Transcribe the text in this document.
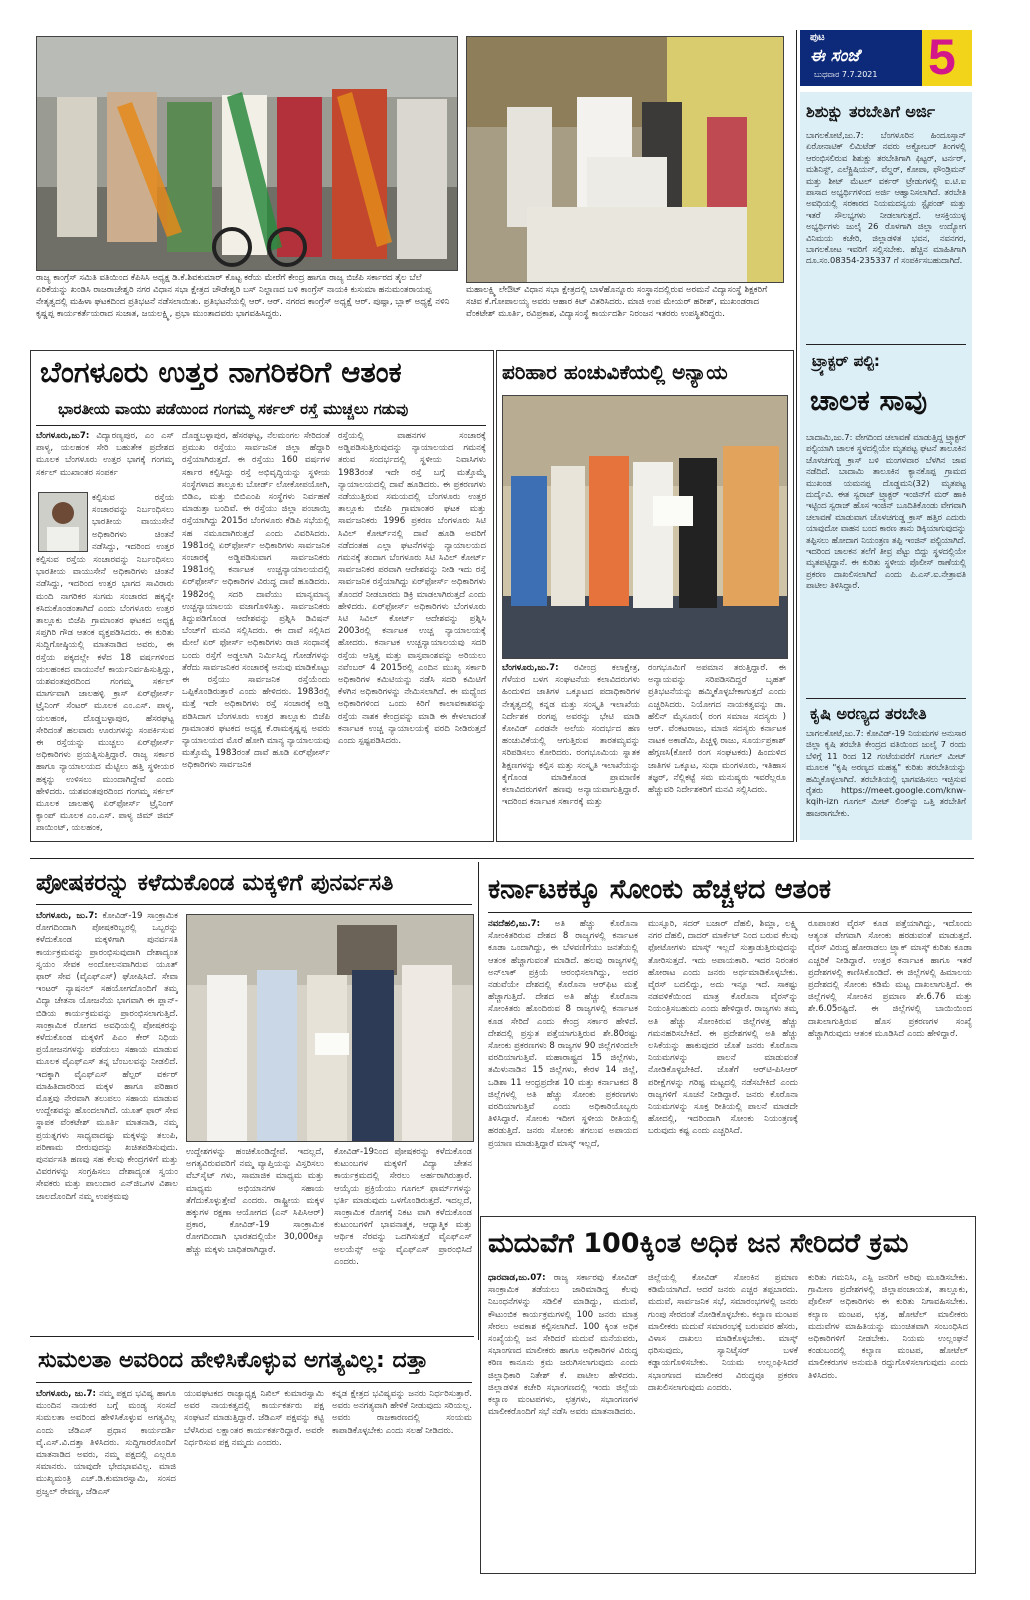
ರಾಜ್ಯ ಕಾಂಗ್ರೆಸ್ ಸಮಿತಿ ವತಿಯಿಂದ ಕೆಪಿಸಿಸಿ ಅಧ್ಯಕ್ಷ ಡಿ.ಕೆ.ಶಿವಕುಮಾರ್ ಕೊಟ್ಟ ಕರೆಯ ಮೇರೆಗೆ ಕೇಂದ್ರ ಹಾಗೂ ರಾಜ್ಯ ಬಿಜೆಪಿ ಸರ್ಕಾರದ ತೈಲ ಬೆಲೆ ಏರಿಕೆಯನ್ನು ಖಂಡಿಸಿ ರಾಜರಾಜೇಶ್ವರಿ ನಗರ ವಿಧಾನ ಸಭಾ ಕ್ಷೇತ್ರದ ಚೌಡೇಶ್ವರಿ ಬಸ್ ನಿಲ್ದಾಣದ ಬಳಿ ಕಾಂಗ್ರೆಸ್ ನಾಯಕಿ ಕುಸುಮಾ ಹನುಮಂತರಾಯಪ್ಪ ನೇತೃತ್ವದಲ್ಲಿ ಮಹಿಳಾ ಘಟಕದಿಂದ ಪ್ರತಿಭಟನೆ ನಡೆಸಲಾಯಿತು. ಪ್ರತಿಭಟನೆಯಲ್ಲಿ ಆರ್. ಆರ್. ನಗರದ ಕಾಂಗ್ರೆಸ್ ಅಧ್ಯಕ್ಷೆ ಆರ್. ಪುಷ್ಪಾ, ಬ್ಲಾಕ್ ಅಧ್ಯಕ್ಷೆ ನಳಿನಿ ಕೃಷ್ಣಪ್ಪ ಕಾರ್ಯಕರ್ತೆಯರಾದ ಸುಜಾತ, ಜಯಲಕ್ಷ್ಮಿ, ಪ್ರಭಾ ಮುಂತಾದವರು ಭಾಗವಹಿಸಿದ್ದರು.
ಮಹಾಲಕ್ಷ್ಮಿ ಲೇಔಟ್ ವಿಧಾನ ಸಭಾ ಕ್ಷೇತ್ರದಲ್ಲಿ ಬಾಳೆಹೊನ್ನೂರು ಸಂಸ್ಥಾನದಲ್ಲಿರುವ ಅರಮನೆ ವಿದ್ಯಾಸಂಸ್ಥೆ ಶಿಕ್ಷಕರಿಗೆ ಸಚಿವ ಕೆ.ಗೋಪಾಲಯ್ಯ ಅವರು ಆಹಾರ ಕಿಟ್ ವಿತರಿಸಿದರು. ಮಾಜಿ ಉಪ ಮೇಯರ್ ಹರೀಶ್, ಮುಖಂಡರಾದ ವೆಂಕಟೇಶ್ ಮೂರ್ತಿ, ರವಿಪ್ರಕಾಶ, ವಿದ್ಯಾಸಂಸ್ಥೆ ಕಾರ್ಯದರ್ಶಿ ನಿರಂಜನ ಇತರರು ಉಪಸ್ಥಿತರಿದ್ದರು.
ಪುಟ
ಈ ಸಂಜೆ
ಬುಧವಾರ 7.7.2021 5
ಶಿಶುಕ್ಷು ತರಬೇತಿಗೆ ಅರ್ಜಿ
ಬಾಗಲಕೋಟೆ,ಜು.7: ಬೆಂಗಳೂರಿನ ಹಿಂದೂಸ್ತಾನ್ ಏರೋನಾಟಿಕ್ ಲಿಮಿಟೆಡ್ ನವರು ಅಕ್ಟೋಬರ್ ತಿಂಗಳಲ್ಲಿ ಆರಂಭಿಸಲಿರುವ ಶಿಶುಕ್ಷು ತರಬೇತಿಗಾಗಿ ಫಿಟ್ಟರ್, ಟರ್ನರ್, ಮಶಿನಿಸ್ಟ್, ಎಲೆಕ್ಟ್ರಿಷಿಯನ್, ವೆಲ್ಡರ್, ಕೋಪಾ, ಫೌಂಡ್ರಿಮನ್ ಮತ್ತು ಶೀಟ್ ಮೆಟಲ್ ವರ್ಕರ್ ಟ್ರೇಡುಗಳಲ್ಲಿ ಐ.ಟಿ.ಐ ಪಾಸಾದ ಅಭ್ಯರ್ಥಿಗಳಿಂದ ಅರ್ಜಿ ಆಹ್ವಾನಿಸಲಾಗಿದೆ. ತರಬೇತಿ ಅವಧಿಯಲ್ಲಿ ಸರಕಾರದ ನಿಯಮದನ್ವಯ ಸ್ಟೈಪಂಡ್ ಮತ್ತು ಇತರೆ ಸೌಲಭ್ಯಗಳು ನೀಡಲಾಗುತ್ತದೆ. ಆಸಕ್ತಿಯುಳ್ಳ ಅಭ್ಯರ್ಥಿಗಳು ಜುಲೈ 26 ರೊಳಗಾಗಿ ಜಿಲ್ಲಾ ಉದ್ಯೋಗ ವಿನಿಮಯ ಕಚೇರಿ, ಜಿಲ್ಲಾಡಳಿತ ಭವನ, ನವನಗರ, ಬಾಗಲಕೋಟ ಇವರಿಗೆ ಸಲ್ಲಿಸಬೇಕು. ಹೆಚ್ಚಿನ ಮಾಹಿತಿಗಾಗಿ ದೂ.ಸಂ.08354-235337 ಗೆ ಸಂಪರ್ಕಿಸಬಹುದಾಗಿದೆ.
ಟ್ರ್ಯಾಕ್ಟರ್ ಪಲ್ಟಿ:
ಚಾಲಕ ಸಾವು
ಬಾದಾಮಿ,ಜು.7: ವೇಗದಿಂದ ಚಲಾವಣೆ ಮಾಡುತ್ತಿದ್ದ ಟ್ರ್ಯಾಕ್ಟರ್ ಪಲ್ಟಿಯಾಗಿ ಚಾಲಕ ಸ್ಥಳದಲ್ಲಿಯೇ ಮೃತಪಟ್ಟ ಘಟನೆ ತಾಲೂಕಿನ ಚೊಳಚಗುಡ್ಡ ಕ್ರಾಸ್ ಬಳಿ ಮಂಗಳವಾರ ಬೆಳಗಿನ ಜಾವ ನಡೆದಿದೆ. ಬಾದಾಮಿ ತಾಲೂಕಿನ ಕ್ಯಾನಕೊಪ್ಪ ಗ್ರಾಮದ ಮುಖಂಡ ಯಮನಪ್ಪ ದೊಡ್ಡಮನಿ(32) ಮೃತಪಟ್ಟ ದುರ್ದೈವಿ. ಈತ ಸ್ವರಾಜ್ ಟ್ರ್ಯಾಕ್ಟರ್ ಇಂಜಿನ್‍ಗೆ ಮರ್ ಹಾಕಿ ಇಟ್ಟಿಂದ ಸ್ವರಾಜ್ ಹೊಸ ಇಂಜಿನ್ ಬೂದಿತಿಕೊಂಡು ವೇಗವಾಗಿ ಚಲಾವಣೆ ಮಾಡುವಾಗ ಚೊಳಚಗುಡ್ಡ ಕ್ರಾಸ್ ಹತ್ತಿರ ಎದುರು ಯಾವುದೋ ವಾಹನ ಬಂದ ಕಾರಣ ತಾನು ಡಿಕ್ಕಿಯಾಗುವುದನ್ನು ತಪ್ಪಿಸಲು ಹೋದಾಗ ನಿಯಂತ್ರಣ ತಪ್ಪಿ ಇಂಜಿನ್ ಪಲ್ಟಿಯಾಗಿದೆ. ಇದರಿಂದ ಚಾಲಕನ ತಲೆಗೆ ತೀವ್ರ ಪೆಟ್ಟು ಬಿದ್ದು ಸ್ಥಳದಲ್ಲಿಯೇ ಮೃತಪಟ್ಟಿದ್ದಾನೆ. ಈ ಕುರಿತು ಸ್ಥಳೀಯ ಪೊಲೀಸ್ ಠಾಣೆಯಲ್ಲಿ ಪ್ರಕರಣ ದಾಖಲಿಸಲಾಗಿದೆ ಎಂದು ಪಿ.ಎಸ್.ಐ.ನೇತ್ರಾವತಿ ಪಾಟೀಲ ತಿಳಿಸಿದ್ದಾರೆ.
ಕೃಷಿ ಅರಣ್ಯದ ತರಬೇತಿ
ಬಾಗಲಕೋಟೆ,ಜು.7: ಕೋವಿಡ್-19 ನಿಯಮಗಳ ಅನುಸಾರ ಜಿಲ್ಲಾ ಕೃಷಿ ತರಬೇತಿ ಕೇಂದ್ರದ ವತಿಯಿಂದ ಜುಲೈ 7 ರಂದು ಬೆಳಿಗ್ಗೆ 11 ರಿಂದ 12 ಗಂಟೆಯವರೆಗೆ ಗೂಗಲ್ ಮೀಟ್ ಮೂಲಕ "ಕೃಷಿ ಅರಣ್ಯದ ಮಹತ್ವ" ಕುರಿತು ತರಬೇತಿಯನ್ನು ಹಮ್ಮಿಕೊಳ್ಳಲಾಗಿದೆ. ತರಬೇತಿಯಲ್ಲಿ ಭಾಗವಹಿಸಲು ಇಚ್ಛಿಸುವ ರೈತರು https://meet.google.com/knw-kqih-izn ಗೂಗಲ್ ಮೀಟ್ ಲಿಂಕ್‍ನ್ನು ಒತ್ತಿ ತರಬೇತಿಗೆ ಹಾಜರಾಗಬೇಕು.
ಬೆಂಗಳೂರು ಉತ್ತರ ನಾಗರಿಕರಿಗೆ ಆತಂಕ
ಭಾರತೀಯ ವಾಯು ಪಡೆಯಿಂದ ಗಂಗಮ್ಮ ಸರ್ಕಲ್ ರಸ್ತೆ ಮುಚ್ಚಲು ಗಡುವು
ಬೆಂಗಳೂರು,ಜು7: ವಿದ್ಯಾರಣ್ಯಪುರ, ಎಂ ಎಸ್ ಪಾಳ್ಯ, ಯಲಹಂಕ ಸೇರಿ ಬಹುತೇಕ ಪ್ರದೇಶದ ಮೂಲಕ ಬೆಂಗಳೂರು ಉತ್ತರ ಭಾಗಕ್ಕೆ ಗಂಗಮ್ಮ ಸರ್ಕಲ್ ಮುಖಾಂತರ ಸಂಪರ್ಕ
ಕಲ್ಪಿಸುವ ರಸ್ತೆಯ ಸಂಚಾರವನ್ನು ನಿರ್ಬಂಧಿಸಲು ಭಾರತೀಯ ವಾಯುಸೇನೆ ಅಧಿಕಾರಿಗಳು ಚಿಂತನೆ ನಡೆಸಿದ್ದು, ಇದರಿಂದ ಉತ್ತರ
ಕಲ್ಪಿಸುವ ರಸ್ತೆಯ ಸಂಚಾರವನ್ನು ನಿರ್ಬಂಧಿಸಲು ಭಾರತೀಯ ವಾಯುಸೇನೆ ಅಧಿಕಾರಿಗಳು ಚಿಂತನೆ ನಡೆಸಿದ್ದು, ಇದರಿಂದ ಉತ್ತರ ಭಾಗದ ಸಾವಿರಾರು ಮಂದಿ ನಾಗರಿಕರ ಸುಗಮ ಸಂಚಾರದ ಹಕ್ಕನ್ನೇ ಕಸಿದುಕೊಂಡಂತಾಗಿದೆ ಎಂದು ಬೆಂಗಳೂರು ಉತ್ತರ ತಾಲ್ಲೂಕು ಬಿಜೆಪಿ ಗ್ರಾಮಾಂತರ ಘಟಕದ ಅಧ್ಯಕ್ಷ ಸಪ್ತಗಿರಿ ಗೌಡ ಆತಂಕ ವ್ಯಕ್ತಪಡಿಸಿದರು. ಈ ಕುರಿತು ಸುದ್ದಿಗೋಷ್ಠಿಯಲ್ಲಿ ಮಾತನಾಡಿದ ಅವರು, ಈ ರಸ್ತೆಯ ಪಕ್ಕದಲ್ಲೇ ಕಳೆದ 18 ವರ್ಷಗಳಿಂದ ಯಲಹಂಕದ ವಾಯುನೆಲೆ ಕಾರ್ಯನಿರ್ವಹಿಸುತ್ತಿದ್ದು, ಯಶವಂತಪುರದಿಂದ ಗಂಗಮ್ಮ ಸರ್ಕಲ್ ಮಾರ್ಗವಾಗಿ ಜಾಲಹಳ್ಳಿ ಕ್ರಾಸ್ ಏರ್‌ಫೋರ್ಸ್ ಟ್ರೈನಿಂಗ್ ಸೆಂಟರ್ ಮೂಲಕ ಎಂ.ಎಸ್. ಪಾಳ್ಯ, ಯಲಹಂಕ, ದೊಡ್ಡಬಳ್ಳಾಪುರ, ಹೆಸರಘಟ್ಟ ಸೇರಿದಂತೆ ಹಲವಾರು ಊರುಗಳನ್ನು ಸಂಪರ್ಕಿಸುವ ಈ ರಸ್ತೆಯನ್ನು ಮುಚ್ಚಲು ಏರ್‌ಫೋರ್ಸ್ ಅಧಿಕಾರಿಗಳು ಪ್ರಯತ್ನಿಸುತ್ತಿದ್ದಾರೆ. ರಾಜ್ಯ ಸರ್ಕಾರ ಹಾಗೂ ನ್ಯಾಯಾಲಯದ ಮೆಟ್ಟಿಲು ಹತ್ತಿ ಸ್ಥಳೀಯರ ಹಕ್ಕನ್ನು ಉಳಿಸಲು ಮುಂದಾಗಿದ್ದೇವೆ ಎಂದು ಹೇಳಿದರು. ಯಶವಂತಪುರದಿಂದ ಗಂಗಮ್ಮ ಸರ್ಕಲ್ ಮೂಲಕ ಜಾಲಹಳ್ಳಿ ಏರ್‌ಫೋರ್ಸ್ ಟ್ರೈನಿಂಗ್ ಕ್ಯಾಂಪ್ ಮೂಲಕ ಎಂ.ಎಸ್. ಪಾಳ್ಯ ಜಿಮ್ ಜಿಮ್ ಪಾಯಿಂಟ್, ಯಲಹಂಕ,
ದೊಡ್ಡಬಳ್ಳಾಪುರ, ಹೆಸರಘಟ್ಟ, ನೆಲಮಂಗಲ ಸೇರಿದಂತೆ ಪ್ರಮುಖ ರಸ್ತೆಯು ಸಾರ್ವಜನಿಕ ಜಿಲ್ಲಾ ಹೆದ್ದಾರಿ ರಸ್ತೆಯಾಗಿರುತ್ತದೆ. ಈ ರಸ್ತೆಯು 160 ವರ್ಷಗಳ ಸರ್ಕಾರ ಕಲ್ಪಿಸಿದ್ದು ರಸ್ತೆ ಅಭಿವೃದ್ಧಿಯನ್ನು ಸ್ಥಳೀಯ ಸಂಸ್ಥೆಗಳಾದ ತಾಲ್ಲೂಕು ಬೋರ್ಡ್ ಲೋಕೋಪಯೋಗಿ, ಬಿಡಿಎ, ಮತ್ತು ಬಿಬಿಎಂಪಿ ಸಂಸ್ಥೆಗಳು ನಿರ್ವಹಣೆ ಮಾಡುತ್ತಾ ಬಂದಿವೆ. ಈ ರಸ್ತೆಯು ಜಿಲ್ಲಾ ಪಂಚಾಯ್ತಿ ರಸ್ತೆಯಾಗಿದ್ದು 2015ರ ಬೆಂಗಳೂರು ಕೆಡಿಪಿ ಸಭೆಯಲ್ಲಿ ಸಹ ನಮೂದಾಗಿರುತ್ತದೆ ಎಂದು ವಿವರಿಸಿದರು. 1981ರಲ್ಲಿ ಏರ್‌ಫೋರ್ಸ್ ಅಧಿಕಾರಿಗಳು ಸಾರ್ವಜನಿಕ ಸಂಚಾರಕ್ಕೆ ಅಡ್ಡಿಪಡಿಸುವಾಗ ಸಾರ್ವಜನಿಕರು 1981ರಲ್ಲಿ ಕರ್ನಾಟಕ ಉಚ್ಚನ್ಯಾಯಾಲಯದಲ್ಲಿ ಏರ್‌ಫೋರ್ಸ್ ಅಧಿಕಾರಿಗಳ ವಿರುದ್ಧ ದಾವೆ ಹೂಡಿದರು. 1982ರಲ್ಲಿ ಸದರಿ ದಾವೆಯು ಮಾನ್ಯಮಾನ್ಯ ಉಚ್ಚನ್ಯಾಯಾಲಯ ವಜಾಗೊಳಿಸಿತ್ತು. ಸಾರ್ವಜನಿಕರು ತಿದ್ದುಪಡಿಗೊಂಡ ಆದೇಶವನ್ನು ಪ್ರಶ್ನಿಸಿ ಡಿವಿಷನ್ ಬೆಂಚ್‌ಗೆ ಮನವಿ ಸಲ್ಲಿಸಿದರು. ಈ ದಾವೆ ಸಲ್ಲಿಸಿದ ಮೇಲೆ ಏರ್ ಫೋರ್ಸ್ ಅಧಿಕಾರಿಗಳು ರಾಜಿ ಸಂಧಾನಕ್ಕೆ ಬಂದು ರಸ್ತೆಗೆ ಅಡ್ಡಲಾಗಿ ನಿರ್ಮಿಸಿದ್ದ ಗೋಡೆಗಳನ್ನು ತೆರೆದು ಸಾರ್ವಜನಿಕರ ಸಂಚಾರಕ್ಕೆ ಅನುವು ಮಾಡಿಕೊಟ್ಟು ಈ ರಸ್ತೆಯು ಸಾರ್ವಜನಿಕ ರಸ್ತೆಯೆಂದು ಒಪ್ಪಿಕೊಂಡಿರುತ್ತಾರೆ ಎಂದು ಹೇಳಿದರು. 1983ರಲ್ಲಿ ಮತ್ತೆ ಇದೇ ಅಧಿಕಾರಿಗಳು ರಸ್ತೆ ಸಂಚಾರಕ್ಕೆ ಅಡ್ಡಿ ಪಡಿಸಿದಾಗ ಬೆಂಗಳೂರು ಉತ್ತರ ತಾಲ್ಲೂಕು ಬಿಜೆಪಿ ಗ್ರಾಮಾಂತರ ಘಟಕದ ಅಧ್ಯಕ್ಷ ಕೆ.ರಾಮಕೃಷ್ಣಪ್ಪ ಅವರು ನ್ಯಾಯಾಲಯದ ಮೊರೆ ಹೋಗಿ ಮಾನ್ಯ ನ್ಯಾಯಾಲಯವು ಮತ್ತೊಮ್ಮೆ 1983ರಂತೆ ದಾವೆ ಹೂಡಿ ಏರ್‌ಫೋರ್ಸ್ ಅಧಿಕಾರಿಗಳು ಸಾರ್ವಜನಿಕ
ರಸ್ತೆಯಲ್ಲಿ ವಾಹನಗಳ ಸಂಚಾರಕ್ಕೆ ಅಡ್ಡಿಪಡಿಸುತ್ತಿರುವುದನ್ನು ನ್ಯಾಯಾಲಯದ ಗಮನಕ್ಕೆ ತರುವ ಸಂದರ್ಭದಲ್ಲಿ ಸ್ಥಳೀಯ ನಿವಾಸಿಗಳು 1983ರಂತೆ ಇದೇ ರಸ್ತೆ ಬಗ್ಗೆ ಮತ್ತೊಮ್ಮೆ ನ್ಯಾಯಾಲಯದಲ್ಲಿ ದಾವೆ ಹೂಡಿದರು. ಈ ಪ್ರಕರಣಗಳು ನಡೆಯುತ್ತಿರುವ ಸಮಯದಲ್ಲಿ ಬೆಂಗಳೂರು ಉತ್ತರ ತಾಲ್ಲೂಕು ಬಿಜೆಪಿ ಗ್ರಾಮಾಂತರ ಘಟಕ ಮತ್ತು ಸಾರ್ವಜನಿಕರು 1996 ಪ್ರಕರಣ ಬೆಂಗಳೂರು ಸಿಟಿ ಸಿವಿಲ್ ಕೋರ್ಟ್‌ನಲ್ಲಿ ದಾವೆ ಹೂಡಿ ಅವರಿಗೆ ನಡೆದಂತಹ ಎಲ್ಲಾ ಘಟನೆಗಳನ್ನು ನ್ಯಾಯಾಲಯದ ಗಮನಕ್ಕೆ ತಂದಾಗ ಬೆಂಗಳೂರು ಸಿಟಿ ಸಿವಿಲ್ ಕೋರ್ಟ್ ಸಾರ್ವಜನಿಕರ ಪರವಾಗಿ ಆದೇಶವನ್ನು ನೀಡಿ ಇದು ರಸ್ತೆ ಸಾರ್ವಜನಿಕ ರಸ್ತೆಯಾಗಿದ್ದು ಏರ್‌ಫೋರ್ಸ್ ಅಧಿಕಾರಿಗಳು ತೊಂದರೆ ನೀಡಬಾರದು ಡಿಕ್ರಿ ಮಾಡಲಾಗಿರುತ್ತದೆ ಎಂದು ಹೇಳಿದರು. ಏರ್‌ಫೋರ್ಸ್ ಅಧಿಕಾರಿಗಳು ಬೆಂಗಳೂರು ಸಿಟಿ ಸಿವಿಲ್ ಕೋರ್ಟ್ ಆದೇಶವನ್ನು ಪ್ರಶ್ನಿಸಿ 2003ರಲ್ಲಿ ಕರ್ನಾಟಕ ಉಚ್ಚ ನ್ಯಾಯಾಲಯಕ್ಕೆ ಹೋದರು. ಕರ್ನಾಟಕ ಉಚ್ಚನ್ಯಾಯಾಲಯವು ಸದರಿ ರಸ್ತೆಯ ಆಸ್ತಿತ್ವ ಮತ್ತು ವಾಸ್ತವಾಂಶವನ್ನು ಅರಿಯಲು ನವೆಂಬರ್ 4 2015ರಲ್ಲಿ ಎಂದಿನ ಮುಖ್ಯ ಸರ್ಕಾರಿ ಅಧಿಕಾರಿಗಳ ಕಮಿಟಿಯನ್ನು ನಡೆಸಿ ಸದರಿ ಕಮಿಟಿಗೆ ಕೆಳಗಿನ ಅಧಿಕಾರಿಗಳನ್ನು ನೇಮಿಸಲಾಗಿದೆ. ಈ ಮಧ್ಯೆಂದ ಅಧಿಕಾರಿಗಳಿಂದ ಒಂದು ಕಿರಿಗೆ ಕಾಲಾವಕಾಶವನ್ನು ರಸ್ತೆಯ ನಾಶಕ ಕೇಂದ್ರವನ್ನು ಮಾಡಿ ಈ ಕೇಳಲಾದಂತೆ ಕರ್ನಾಟಕ ಉಚ್ಚ ನ್ಯಾಯಾಲಯಕ್ಕೆ ವರದಿ ನೀಡಿರುತ್ತದೆ ಎಂದು ಸ್ಪಷ್ಟಪಡಿಸಿದರು.
ಪರಿಹಾರ ಹಂಚುವಿಕೆಯಲ್ಲಿ ಅನ್ಯಾಯ
ಬೆಂಗಳೂರು,ಜು.7: ರವೀಂದ್ರ ಕಲಾಕ್ಷೇತ್ರ, ಗೆಳೆಯರ ಬಳಗ ಸಂಘಟನೆಯ ಕಲಾವಿದರುಗಳು ಹಿಂದುಳಿದ ಜಾತಿಗಳ ಒಕ್ಕೂಟದ ಪದಾಧಿಕಾರಿಗಳ ನೇತೃತ್ವದಲ್ಲಿ ಕನ್ನಡ ಮತ್ತು ಸಂಸ್ಕೃತಿ ಇಲಾಖೆಯ ನಿರ್ದೇಶಕ ರಂಗಪ್ಪ ಅವರನ್ನು ಭೇಟಿ ಮಾಡಿ ಕೋವಿಡ್ ಎರಡನೇ ಅಲೆಯ ಸಂದರ್ಭದ ಹಣ ಹಂಚುವಿಕೆಯಲ್ಲಿ ಆಗುತ್ತಿರುವ ತಾರತಮ್ಯವನ್ನು ಸರಿಪಡಿಸಲು ಕೋರಿದರು. ರಂಗಭೂಮಿಯ ಸ್ನಾತಕ ಶಿಕ್ಷಣಗಳನ್ನು ಕಲ್ಪಿಸ ಮತ್ತು ಸಂಸ್ಕೃತಿ ಇಲಾಖೆಯನ್ನು ಕೈಗೊಂಡ ಮಾಡಿಕೊಂಡ ಪ್ರಾಮಾಣಿಕ ಕಲಾವಿದರುಗಳಿಗೆ ಹಣವು ಅನ್ಯಾಯವಾಗುತ್ತಿದ್ದಾರೆ. ಇದರಿಂದ ಕರ್ನಾಟಕ ಸರ್ಕಾರಕ್ಕೆ ಮತ್ತು
ರಂಗಭೂಮಿಗೆ ಅಪಮಾನ ತರುತ್ತಿದ್ದಾರೆ. ಈ ಅನ್ಯಾಯವನ್ನು ಸರಿಪಡಿಸದಿದ್ದರೆ ಬೃಹತ್ ಪ್ರತಿಭಟನೆಯನ್ನು ಹಮ್ಮಿಕೊಳ್ಳಬೇಕಾಗುತ್ತದೆ ಎಂದು ಎಚ್ಚರಿಸಿದರು. ನಿಯೋಗದ ನಾಯಕತ್ವವನ್ನು ಡಾ. ಹೆಲಿನ್ ಮೈಸೂರು( ರಂಗ ಸಮಾಜ ಸದಸ್ಯರು ) ಆರ್. ವೆಂಕಟರಾಜು, ಮಾಜಿ ಸದಸ್ಯರು ಕರ್ನಾಟಕ ನಾಟಕ ಅಕಾಡೆಮಿ, ಪಿಚ್ಚಳ್ಳಿ ರಾಜು, ಸೂರ್ಯಪ್ರಕಾಶ್ ಹೆಗ್ಗಣಸಿ(ಕೋಣಿ ರಂಗ ಸಂಘಟಕರು) ಹಿಂದುಳಿದ ಜಾತಿಗಳ ಒಕ್ಕೂಟ, ಸುಧಾ ಮಂಗಳೂರು, ಇತಿಹಾಸ ತಜ್ಞರ್, ನೆಲ್ಲಿಕಟ್ಟೆ ಸಮ ಮನುಷ್ಯರು ಇವರೆಲ್ಲರೂ ಹೆಚ್ಚುವರಿ ನಿರ್ದೇಶಕರಿಗೆ ಮನವಿ ಸಲ್ಲಿಸಿದರು.
ಪೋಷಕರನ್ನು ಕಳೆದುಕೊಂಡ ಮಕ್ಕಳಿಗೆ ಪುನರ್ವಸತಿ
ಬೆಂಗಳೂರು, ಜು.7: ಕೋವಿಡ್-19 ಸಾಂಕ್ರಾಮಿಕ ರೋಗದಿಂದಾಗಿ ಪೋಷಕರಿಬ್ಬರಲ್ಲಿ ಒಬ್ಬರನ್ನು ಕಳೆದುಕೊಂಡ ಮಕ್ಕಳಿಗಾಗಿ ಪುನರ್ವಸತಿ ಕಾರ್ಯಕ್ರಮವನ್ನು ಪ್ರಾರಂಭಿಸುವುದಾಗಿ ದೇಶಾದ್ಯಂತ ಸ್ವಯಂ ಸೇವಕ ಅಂದೋಲನವಾಗಿರುವ ಯೂತ್ ಫಾರ್ ಸೇವ (ವೈಎಫ್‌ಎಸ್) ಘೋಷಿಸಿದೆ. ಸೇವಾ ಇಂಟರ್ ನ್ಯಾಷನಲ್ ಸಹಯೋಗದೊಂದಿಗೆ ತಮ್ಮ ವಿದ್ಯಾ ಚೇತನಾ ಯೋಜನೆಯ ಭಾಗವಾಗಿ ಈ ಪ್ಲಾನ್-ಬಿಡಿಯ ಕಾರ್ಯಕ್ರಮವನ್ನು ಪ್ರಾರಂಭಿಸಲಾಗುತ್ತಿದೆ. ಸಾಂಕ್ರಾಮಿಕ ರೋಗದ ಅವಧಿಯಲ್ಲಿ ಪೋಷಕರನ್ನು ಕಳೆದುಕೊಂಡ ಮಕ್ಕಳಿಗೆ ಪಿಎಂ ಕೇರ್ ನಿಧಿಯ ಪ್ರಯೋಜನಗಳನ್ನು ಪಡೆಯಲು ಸಹಾಯ ಮಾಡುವ ಮೂಲಕ ವೈಎಫ್ಎಸ್ ತನ್ನ ಬೆಂಬಲವನ್ನು ನೀಡಲಿದೆ. ಇದಕ್ಕಾಗಿ ವೈಎಫ್‌ಎಸ್ ಹೆಲ್ಪರ್ ವರ್ಕರ್ ಮಾಹಿತಿದಾರರಿಂದ ಮಕ್ಕಳ ಹಾಗೂ ಪರಿಹಾರ ಮೊತ್ತವು ನೇರವಾಗಿ ತಲುಪಲು ಸಹಾಯ ಮಾಡುವ ಉದ್ದೇಶವನ್ನು ಹೊಂದಲಾಗಿದೆ. ಯೂತ್ ಫಾರ್ ಸೇವ ಸ್ಥಾಪಕ ವೆಂಕಟೇಶ್ ಮೂರ್ತಿ ಮಾತನಾಡಿ, ನಮ್ಮ ಪ್ರಯತ್ನಗಳು ಸಾಧ್ಯವಾದಷ್ಟು ಮಕ್ಕಳನ್ನು ತಲುಪಿ, ಪರಿಣಾಮ ಬೀರುವುದನ್ನು ಖಚಿತಪಡಿಸುವುದು. ಪುನರ್ವಸತಿ ಹಣವು ಸಹ ಕೆಲವು ಕೇಂದ್ರಗಳಿಗೆ ಮತ್ತು ವಿವರಗಳನ್ನು ಸಂಗ್ರಹಿಸಲು ದೇಶಾದ್ಯಂತ ಸ್ವಯಂ ಸೇವಕರು ಮತ್ತು ಪಾಲುದಾರ ಎನ್‌ಜಿಒಗಳ ವಿಶಾಲ ಜಾಲದೊಂದಿಗೆ ನಮ್ಮ ಉಪಕ್ರಮವು
ಉದ್ದೇಶಗಳನ್ನು ಹಂಚಿಕೊಂಡಿದ್ದೇವೆ. ಇದಲ್ಲದೆ, ಅಗತ್ಯವಿರುವವರಿಗೆ ನಮ್ಮ ವ್ಯಾಪ್ತಿಯನ್ನು ವಿಸ್ತರಿಸಲು ವೆಬ್‌ಸೈಟ್ ಗಳು, ಸಾಮಾಜಿಕ ಮಾಧ್ಯಮ ಮತ್ತು ಮಾಧ್ಯಮ ಅಭಿಯಾನಗಳ ಸಹಾಯ ತೆಗೆದುಕೊಳ್ಳುತ್ತೇವೆ ಎಂದರು. ರಾಷ್ಟ್ರೀಯ ಮಕ್ಕಳ ಹಕ್ಕುಗಳ ರಕ್ಷಣಾ ಆಯೋಗದ (ಎನ್ ಸಿಪಿಸಿಆರ್) ಪ್ರಕಾರ, ಕೋವಿಡ್-19 ಸಾಂಕ್ರಾಮಿಕ ರೋಗದಿಂದಾಗಿ ಭಾರತದಲ್ಲಿಯೇ 30,000ಕ್ಕೂ ಹೆಚ್ಚು ಮಕ್ಕಳು ಬಾಧಿತರಾಗಿದ್ದಾರೆ.
ಕೋವಿಡ್-19ನಿಂದ ಪೋಷಕರನ್ನು ಕಳೆದುಕೊಂಡ ಕುಟುಂಬಗಳ ಮಕ್ಕಳಿಗೆ ವಿದ್ಯಾ ಚೇತನ ಕಾರ್ಯಕ್ರಮದಲ್ಲಿ ಸೇರಲು ಅರ್ಹರಾಗಿರುತ್ತಾರೆ. ಆಯ್ಕೆಯ ಪ್ರಕ್ರಿಯೆಯು ಗೂಗಲ್ ಫಾರ್ಮ್‌ಗಳನ್ನು ಭರ್ತಿ ಮಾಡುವುದು ಒಳಗೊಂಡಿರುತ್ತದೆ. ಇದಲ್ಲದೆ, ಸಾಂಕ್ರಾಮಿಕ ರೋಗಕ್ಕೆ ನಿಕಟ ವಾಗಿ ಕಳೆದುಕೊಂಡ ಕುಟುಂಬಗಳಿಗೆ ಭಾವನಾತ್ಮಕ, ಆಧ್ಯಾತ್ಮಿಕ ಮತ್ತು ಆರ್ಥಿಕ ನೆರವನ್ನು ಒದಗಿಸುತ್ತದೆ ವೈಎಫ್ಎಸ್ ಅಲಯೆನ್ಸ್ ಅನ್ನು ವೈಎಫ್ಎಸ್ ಪ್ರಾರಂಭಿಸಿದೆ ಎಂದರು.
ಕರ್ನಾಟಕಕ್ಕೂ ಸೋಂಕು ಹೆಚ್ಚಳದ ಆತಂಕ
ನವದೆಹಲಿ,ಜು.7: ಅತಿ ಹೆಚ್ಚು ಕೊರೊನಾ ಸೋಂಕಿತರಿರುವ ದೇಶದ 8 ರಾಜ್ಯಗಳಲ್ಲಿ ಕರ್ನಾಟಕ ಕೂಡಾ ಒಂದಾಗಿದ್ದು, ಈ ಬೆಳವಣಿಗೆಯು ಜನತೆಯಲ್ಲಿ ಆತಂಕ ಹೆಚ್ಚಾಗುವಂತೆ ಮಾಡಿದೆ. ಹಲವು ರಾಜ್ಯಗಳಲ್ಲಿ ಅನ್‌ಲಾಕ್ ಪ್ರಕ್ರಿಯೆ ಆರಂಭಿಸಲಾಗಿದ್ದು, ಅದರ ನಡುವೆಯೇ ದೇಶದಲ್ಲಿ ಕೊರೊನಾ ಆರ್‌ಫಿಟ ಮತ್ತೆ ಹೆಚ್ಚಾಗುತ್ತಿದೆ. ದೇಶದ ಅತಿ ಹೆಚ್ಚು ಕೊರೊನಾ ಸೋಂಕಿತರು ಹೊಂದಿರುವ 8 ರಾಜ್ಯಗಳಲ್ಲಿ ಕರ್ನಾಟಕ ಕೂಡ ಸೇರಿದೆ ಎಂದು ಕೇಂದ್ರ ಸರ್ಕಾರ ಹೇಳಿದೆ. ದೇಶದಲ್ಲಿ ಪ್ರಸ್ತುತ ಪತ್ತೆಯಾಗುತ್ತಿರುವ ಶೇ.80ರಷ್ಟು ಸೋಂಕು ಪ್ರಕರಣಗಳು 8 ರಾಜ್ಯಗಳ 90 ಜಿಲ್ಲೆಗಳಿಂದಲೇ ವರದಿಯಾಗುತ್ತಿವೆ. ಮಹಾರಾಷ್ಟ್ರದ 15 ಜಿಲ್ಲೆಗಳು, ತಮಿಳುನಾಡಿನ 15 ಜಿಲ್ಲೆಗಳು, ಕೇರಳ 14 ಜಿಲ್ಲೆ, ಒಡಿಶಾ 11 ಆಂಧ್ರಪ್ರದೇಶ 10 ಮತ್ತು ಕರ್ನಾಟಕದ 8 ಜಿಲ್ಲೆಗಳಲ್ಲಿ ಅತಿ ಹೆಚ್ಚು ಸೋಂಕು ಪ್ರಕರಣಗಳು ವರದಿಯಾಗುತ್ತಿವೆ ಎಂದು ಅಧಿಕಾರಿಯೊಬ್ಬರು ತಿಳಿಸಿದ್ದಾರೆ. ಸೋಂಕು ಇದೀಗ ಸ್ಥಳೀಯ ರೀತಿಯಲ್ಲಿ ಹರಡುತ್ತಿದೆ. ಜನರು ಸೋಂಕು ತಗಲುವ ಅಪಾಯದ ಪ್ರಯಾಣ ಮಾಡುತ್ತಿದ್ದಾರೆ ಮಾಸ್ಕ್ ಇಲ್ಲದೆ,
ಮುಸ್ಸೂರಿ, ಸದರ್ ಬಜಾರ್ ದೆಹಲಿ, ಶಿಮ್ಲಾ, ಲಕ್ಷ್ಮಿ ನಗರ ದೆಹಲಿ, ದಾದರ್ ಮಾರ್ಕೆಟ್ ನಿಂದ ಬರುವ ಕೆಲವು ಫೋಟೋಗಳು ಮಾಸ್ಕ್ ಇಲ್ಲದೆ ಸುತ್ತಾಡುತ್ತಿರುವುದನ್ನು ತೋರಿಸುತ್ತದೆ. ಇದು ಅಪಾಯಕಾರಿ. ಇದರ ನಿರಂತರ ಹೋರಾಟ ಎಂದು ಜನರು ಅರ್ಥಮಾಡಿಕೊಳ್ಳಬೇಕು. ವೈರಸ್ ಬದಲಿದ್ದು, ಅದು ಇನ್ನೂ ಇದೆ. ಸಾಕಷ್ಟು ನಡವಳಿಕೆಯಿಂದ ಮಾತ್ರ ಕೊರೊನಾ ವೈರಸ್‌ನ್ನು ನಿಯಂತ್ರಿಸಬಹುದು ಎಂದು ಹೇಳಿದ್ದಾರೆ. ರಾಜ್ಯಗಳು ತಮ್ಮ ಅತಿ ಹೆಚ್ಚು ಸೋಂಕಿರುವ ಜಿಲ್ಲೆಗಳತ್ತ ಹೆಚ್ಚು ಗಮನಹರಿಸಬೇಕಿದೆ. ಈ ಪ್ರದೇಶಗಳಲ್ಲಿ ಅತಿ ಹೆಚ್ಚು ಲಸಿಕೆಯನ್ನು ಹಾಕುವುದರ ಜೊತೆ ಜನರು ಕೊರೊನಾ ನಿಯಮಗಳನ್ನು ಪಾಲನೆ ಮಾಡುವಂತೆ ನೋಡಿಕೊಳ್ಳಬೇಕಿದೆ. ಜೊತೆಗೆ ಆರ್‌ಟಿ-ಪಿಸಿಆರ್ ಪರೀಕ್ಷೆಗಳನ್ನು ಗರಿಷ್ಟ ಮಟ್ಟದಲ್ಲಿ ನಡೆಸಬೇಕಿದೆ ಎಂದು ರಾಜ್ಯಗಳಿಗೆ ಸೂಚನೆ ನೀಡಿದ್ದಾರೆ. ಜನರು ಕೊರೊನಾ ನಿಯಮಗಳನ್ನು ಸೂಕ್ತ ರೀತಿಯಲ್ಲಿ ಪಾಲನೆ ಮಾಡದೇ ಹೋದಲ್ಲಿ, ಇದರಿಂದಾಗಿ ಸೋಂಕು ನಿಯಂತ್ರಣಕ್ಕೆ ಬರುವುದು ಕಷ್ಟ ಎಂದು ಎಚ್ಚರಿಸಿದೆ.
ರೂಪಾಂತರ ವೈರಸ್ ಕೂಡ ಪತ್ತೆಯಾಗಿದ್ದು, ಇದೊಂದು ಆತ್ಯಂತ ವೇಗವಾಗಿ ಸೋಂಕು ಹರಡುವಂತೆ ಮಾಡುತ್ತದೆ. ವೈರಸ್ ವಿರುದ್ಧ ಹೋರಾಡಲು ಟ್ರ್ಯಾಕ್ ಮಾಸ್ಕ್ ಕುರಿತು ಕೂಡಾ ಎಚ್ಚರಿಕೆ ನೀಡಿದ್ದಾರೆ. ಉತ್ತರ ಕರ್ನಾಟಕ ಹಾಗೂ ಇತರೆ ಪ್ರದೇಶಗಳಲ್ಲಿ ಕಾಣಿಸಿಕೊಂಡಿದೆ. ಈ ಜಿಲ್ಲೆಗಳಲ್ಲಿ ಹಿಮಾಲಯ ಪ್ರದೇಶದಲ್ಲಿ ಸೋಂಕು ಕಡಿಮೆ ಮಟ್ಟ ದಾಖಲಾಗುತ್ತಿದೆ. ಈ ಜಿಲ್ಲೆಗಳಲ್ಲಿ ಸೋಂಕಿನ ಪ್ರಮಾಣ ಶೇ.6.76 ಮತ್ತು ಶೇ.6.05ರಷ್ಟಿದೆ. ಈ ಜಿಲ್ಲೆಗಳಲ್ಲಿ ಬಾಯಿಯಿಂದ ದಾಖಲಾಗುತ್ತಿರುವ ಹೊಸ ಪ್ರಕರಣಗಳ ಸಂಖ್ಯೆ ಹೆಚ್ಚಾಗಿರುವುದು ಆತಂಕ ಮೂಡಿಸಿದೆ ಎಂದು ಹೇಳಿದ್ದಾರೆ.
ಮದುವೆಗೆ 100ಕ್ಕಿಂತ ಅಧಿಕ ಜನ ಸೇರಿದರೆ ಕ್ರಮ
ಧಾರವಾಡ,ಜು.07: ರಾಜ್ಯ ಸರ್ಕಾರವು ಕೋವಿಡ್ ಸಾಂಕ್ರಾಮಿಕ ತಡೆಯಲು ಜಾರಿಮಾಡಿದ್ದ ಕೆಲವು ನಿಬಂಧನೆಗಳನ್ನು ಸಡಿಲಿಕೆ ಮಾಡಿದ್ದು, ಮದುವೆ, ಕೌಟುಂಬಿಕ ಕಾರ್ಯಕ್ರಮಗಳಲ್ಲಿ 100 ಜನರು ಮಾತ್ರ ಸೇರಲು ಅವಕಾಶ ಕಲ್ಪಿಸಲಾಗಿದೆ. 100 ಕ್ಕಿಂತ ಅಧಿಕ ಸಂಖ್ಯೆಯಲ್ಲಿ ಜನ ಸೇರಿದರೆ ಮದುವೆ ಮನೆಯವರು, ಸಭಾಂಗಣದ ಮಾಲೀಕರು ಹಾಗೂ ಅಧಿಕಾರಿಗಳ ವಿರುದ್ಧ ಕಠಿಣ ಕಾನೂನು ಕ್ರಮ ಜರುಗಿಸಲಾಗುವುದು ಎಂದು ಜಿಲ್ಲಾಧಿಕಾರಿ ನಿತೇಶ್ ಕೆ. ಪಾಟೀಲ ಹೇಳಿದರು. ಜಿಲ್ಲಾಡಳಿತ ಕಚೇರಿ ಸಭಾಂಗಣದಲ್ಲಿ ಇಂದು ಜಿಲ್ಲೆಯ ಕಲ್ಯಾಣ ಮಂಟಪಗಳು, ಛತ್ರಗಳು, ಸಭಾಂಗಣಗಳ ಮಾಲೀಕರೊಂದಿಗೆ ಸಭೆ ನಡೆಸಿ ಅವರು ಮಾತನಾಡಿದರು.
ಜಿಲ್ಲೆಯಲ್ಲಿ ಕೋವಿಡ್ ಸೋಂಕಿನ ಪ್ರಮಾಣ ಕಡಿಮೆಯಾಗಿದೆ. ಆದರೆ ಜನರು ಎಚ್ಚರ ತಪ್ಪಬಾರದು. ಮದುವೆ, ಸಾರ್ವಜನಿಕ ಸಭೆ, ಸಮಾರಂಭಗಳಲ್ಲಿ ಜನರು ಗುಂಪು ಸೇರದಂತೆ ನೋಡಿಕೊಳ್ಳಬೇಕು. ಕಲ್ಯಾಣ ಮಂಟಪ ಮಾಲೀಕರು ಮದುವೆ ಸಮಾರಂಭಕ್ಕೆ ಬರುವವರ ಹೆಸರು, ವಿಳಾಸ ದಾಖಲು ಮಾಡಿಕೊಳ್ಳಬೇಕು. ಮಾಸ್ಕ್ ಧರಿಸುವುದು, ಸ್ಯಾನಿಟೈಸರ್ ಬಳಕೆ ಕಡ್ಡಾಯಗೊಳಿಸಬೇಕು. ನಿಯಮ ಉಲ್ಲಂಘಿಸಿದರೆ ಸಭಾಂಗಣದ ಮಾಲೀಕರ ವಿರುದ್ಧವೂ ಪ್ರಕರಣ ದಾಖಲಿಸಲಾಗುವುದು ಎಂದರು.
ಕುರಿತು ಗಮನಿಸಿ, ಎಸ್ಪಿ ಜನರಿಗೆ ಅರಿವು ಮೂಡಿಸಬೇಕು. ಗ್ರಾಮೀಣ ಪ್ರದೇಶಗಳಲ್ಲಿ ಜಿಲ್ಲಾಪಂಚಾಯತ, ತಾಲ್ಲೂಕು, ಪೊಲೀಸ್ ಅಧಿಕಾರಿಗಳು ಈ ಕುರಿತು ನಿಗಾವಹಿಸಬೇಕು. ಕಲ್ಯಾಣ ಮಂಟಪ, ಛತ್ರ, ಹೋಟೆಲ್ ಮಾಲೀಕರು ಮದುವೆಗಳ ಮಾಹಿತಿಯನ್ನು ಮುಂಚಿತವಾಗಿ ಸಂಬಂಧಿಸಿದ ಅಧಿಕಾರಿಗಳಿಗೆ ನೀಡಬೇಕು. ನಿಯಮ ಉಲ್ಲಂಘನೆ ಕಂಡುಬಂದಲ್ಲಿ ಕಲ್ಯಾಣ ಮಂಟಪ, ಹೋಟೆಲ್ ಮಾಲೀಕರುಗಳ ಅನುಮತಿ ರದ್ದುಗೊಳಿಸಲಾಗುವುದು ಎಂದು ತಿಳಿಸಿದರು.
ಸುಮಲತಾ ಅವರಿಂದ ಹೇಳಿಸಿಕೊಳ್ಳುವ ಅಗತ್ಯವಿಲ್ಲ: ದತ್ತಾ
ಬೆಂಗಳೂರು, ಜು.7: ನಮ್ಮ ಪಕ್ಷದ ಭವಿಷ್ಯ ಹಾಗೂ ಮುಂದಿನ ನಾಯಕರ ಬಗ್ಗೆ ಮಂಡ್ಯ ಸಂಸದೆ ಸುಮಲತಾ ಅವರಿಂದ ಹೇಳಿಸಿಕೊಳ್ಳುವ ಅಗತ್ಯವಿಲ್ಲ ಎಂದು ಜೆಡಿಎಸ್ ಪ್ರಧಾನ ಕಾರ್ಯದರ್ಶಿ ವೈ.ಎಸ್.ವಿ.ದತ್ತಾ ತಿಳಿಸಿದರು. ಸುದ್ದಿಗಾರರೊಂದಿಗೆ ಮಾತನಾಡಿದ ಅವರು, ನಮ್ಮ ಪಕ್ಷದಲ್ಲಿ ಎಲ್ಲರೂ ಸಮಾನರು. ಯಾವುದೇ ಭೇದಭಾವವಿಲ್ಲ. ಮಾಜಿ ಮುಖ್ಯಮಂತ್ರಿ ಎಚ್.ಡಿ.ಕುಮಾರಸ್ವಾಮಿ, ಸಂಸದ ಪ್ರಜ್ವಲ್ ರೇವಣ್ಣ, ಜೆಡಿಎಸ್
ಯುವಘಟಕದ ರಾಜ್ಯಾಧ್ಯಕ್ಷ ನಿಖಿಲ್ ಕುಮಾರಸ್ವಾಮಿ ಅವರ ನಾಯಕತ್ವದಲ್ಲಿ ಕಾರ್ಯಕರ್ತರು ಪಕ್ಷ ಸಂಘಟನೆ ಮಾಡುತ್ತಿದ್ದಾರೆ. ಜೆಡಿಎಸ್ ಪಕ್ಷವನ್ನು ಕಟ್ಟಿ ಬೆಳೆಸಿರುವ ಲಕ್ಷಾಂತರ ಕಾರ್ಯಕರ್ತರಿದ್ದಾರೆ. ಅವರೇ ನಿರ್ಧರಿಸುವ ಪಕ್ಷ ನಮ್ಮದು ಎಂದರು.
ಕನ್ನಡ ಕ್ಷೇತ್ರದ ಭವಿಷ್ಯವನ್ನು ಜನರು ನಿರ್ಧರಿಸುತ್ತಾರೆ. ಅವರು ಅನಗತ್ಯವಾಗಿ ಹೇಳಿಕೆ ನೀಡುವುದು ಸರಿಯಲ್ಲ. ಅವರು ರಾಜಕಾರಣದಲ್ಲಿ ಸಂಯಮ ಕಾಪಾಡಿಕೊಳ್ಳಬೇಕು ಎಂದು ಸಲಹೆ ನೀಡಿದರು.
